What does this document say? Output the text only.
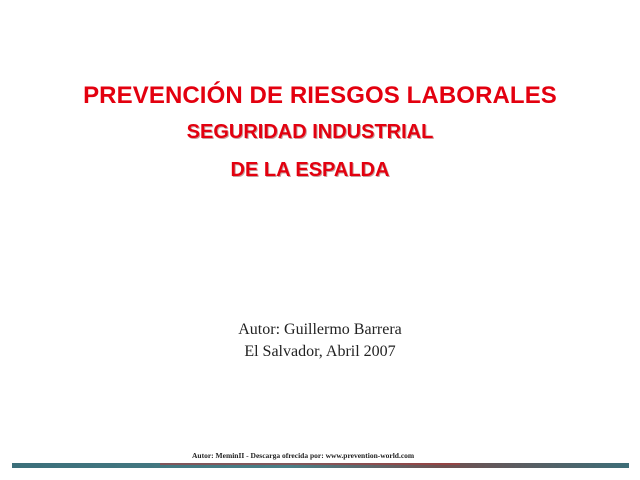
PREVENCIÓN DE RIESGOS LABORALES
SEGURIDAD INDUSTRIAL
DE LA ESPALDA
Autor: Guillermo Barrera
El Salvador, Abril 2007
Autor: MeminII - Descarga ofrecida por: www.prevention-world.com
